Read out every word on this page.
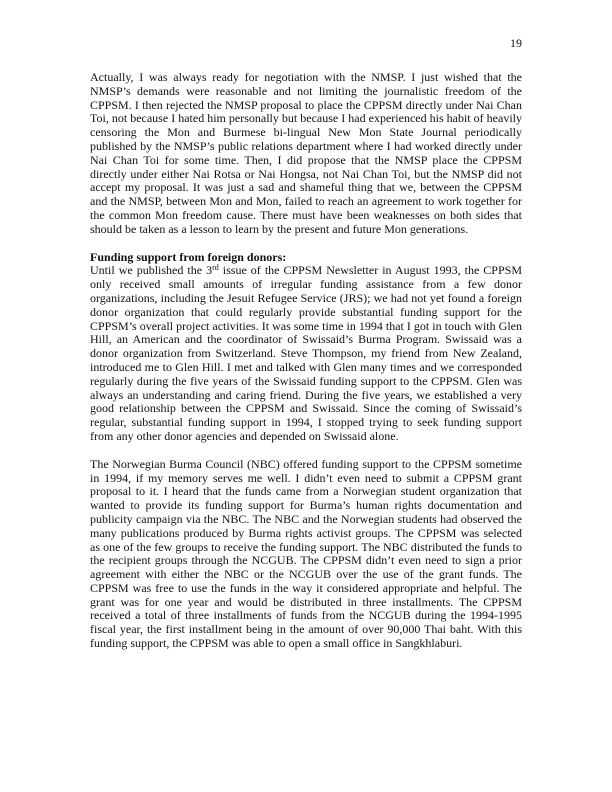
19

Actually, I was always ready for negotiation with the NMSP. I just wished that the NMSP’s demands were reasonable and not limiting the journalistic freedom of the CPPSM. I then rejected the NMSP proposal to place the CPPSM directly under Nai Chan Toi, not because I hated him personally but because I had experienced his habit of heavily censoring the Mon and Burmese bi-lingual New Mon State Journal periodically published by the NMSP’s public relations department where I had worked directly under Nai Chan Toi for some time. Then, I did propose that the NMSP place the CPPSM directly under either Nai Rotsa or Nai Hongsa, not Nai Chan Toi, but the NMSP did not accept my proposal. It was just a sad and shameful thing that we, between the CPPSM and the NMSP, between Mon and Mon, failed to reach an agreement to work together for the common Mon freedom cause. There must have been weaknesses on both sides that should be taken as a lesson to learn by the present and future Mon generations.

Funding support from foreign donors:

Until we published the 3rd issue of the CPPSM Newsletter in August 1993, the CPPSM only received small amounts of irregular funding assistance from a few donor organizations, including the Jesuit Refugee Service (JRS); we had not yet found a foreign donor organization that could regularly provide substantial funding support for the CPPSM’s overall project activities. It was some time in 1994 that I got in touch with Glen Hill, an American and the coordinator of Swissaid’s Burma Program. Swissaid was a donor organization from Switzerland. Steve Thompson, my friend from New Zealand, introduced me to Glen Hill. I met and talked with Glen many times and we corresponded regularly during the five years of the Swissaid funding support to the CPPSM. Glen was always an understanding and caring friend. During the five years, we established a very good relationship between the CPPSM and Swissaid. Since the coming of Swissaid’s regular, substantial funding support in 1994, I stopped trying to seek funding support from any other donor agencies and depended on Swissaid alone.

The Norwegian Burma Council (NBC) offered funding support to the CPPSM sometime in 1994, if my memory serves me well. I didn’t even need to submit a CPPSM grant proposal to it. I heard that the funds came from a Norwegian student organization that wanted to provide its funding support for Burma’s human rights documentation and publicity campaign via the NBC. The NBC and the Norwegian students had observed the many publications produced by Burma rights activist groups. The CPPSM was selected as one of the few groups to receive the funding support. The NBC distributed the funds to the recipient groups through the NCGUB. The CPPSM didn’t even need to sign a prior agreement with either the NBC or the NCGUB over the use of the grant funds. The CPPSM was free to use the funds in the way it considered appropriate and helpful. The grant was for one year and would be distributed in three installments. The CPPSM received a total of three installments of funds from the NCGUB during the 1994-1995 fiscal year, the first installment being in the amount of over 90,000 Thai baht. With this funding support, the CPPSM was able to open a small office in Sangkhlaburi.
